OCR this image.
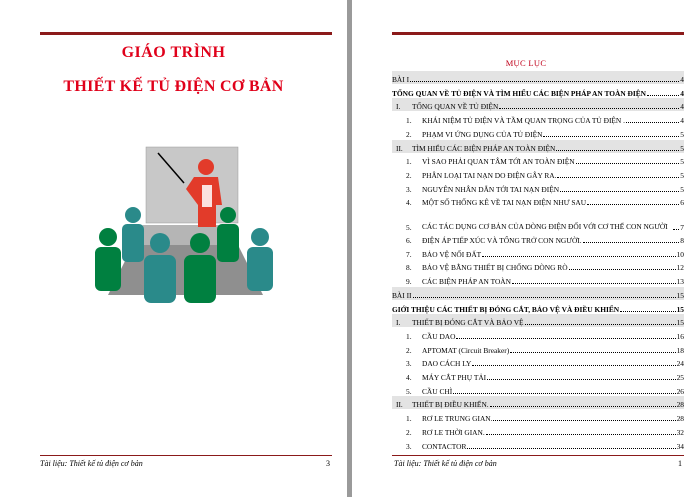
GIÁO TRÌNH
THIẾT KẾ TỦ ĐIỆN CƠ BẢN
Tài liệu: Thiết kế tủ điện cơ bản	3
MỤC LỤC
BÀI I	4
TỔNG QUAN VỀ TỦ ĐIỆN VÀ TÌM HIỂU CÁC BIỆN PHÁP AN TOÀN ĐIỆN	4
I.	TỔNG QUAN VỀ TỦ ĐIỆN	4
1.	KHÁI NIỆM TỦ ĐIỆN VÀ TẦM QUAN TRỌNG CỦA TỦ ĐIỆN .	4
2.	PHẠM VI ỨNG DỤNG CỦA TỦ ĐIỆN	5
II.	TÌM HIỂU CÁC BIỆN PHÁP AN TOÀN ĐIỆN	5
1.	VÌ SAO PHẢI QUAN TÂM TỚI AN TOÀN ĐIỆN	5
2.	PHÂN LOẠI TAI NẠN DO ĐIỆN GÂY RA.	5
3.	NGUYÊN NHÂN DẪN TỚI TAI NẠN ĐIỆN	5
4.	MỘT SỐ THỐNG KÊ VỀ TAI NẠN ĐIỆN NHƯ SAU	6
5.	CÁC TÁC DỤNG CƠ BẢN CỦA DÒNG ĐIỆN ĐỐI VỚI CƠ THỂ CON NGƯỜI	7
6.	ĐIỆN ÁP TIẾP XÚC VÀ TỔNG TRỞ CON NGƯỜI.	8
7.	BẢO VỆ NỐI ĐẤT	10
8.	BẢO VỆ BẰNG THIẾT BỊ CHỐNG DÒNG RÒ	12
9.	CÁC BIỆN PHÁP AN TOÀN	13
BÀI II	15
GIỚI THIỆU CÁC THIẾT BỊ ĐÓNG CẮT, BẢO VỆ VÀ ĐIỀU KHIỂN	15
I.	THIẾT BỊ ĐÓNG CẮT VÀ BẢO VỆ	15
1.	CẦU DAO	16
2.	APTOMAT (Circuit Breaker)	18
3.	DAO CÁCH LY	24
4.	MÁY CẮT PHỤ TẢI	25
5.	CẦU CHÌ	26
II.	THIẾT BỊ ĐIỀU KHIỂN.	28
1.	RƠ LE TRUNG GIAN.	28
2.	RƠ LE THỜI GIAN.	32
3.	CONTACTOR	34
Tài liệu: Thiết kế tủ điện cơ bản	1
